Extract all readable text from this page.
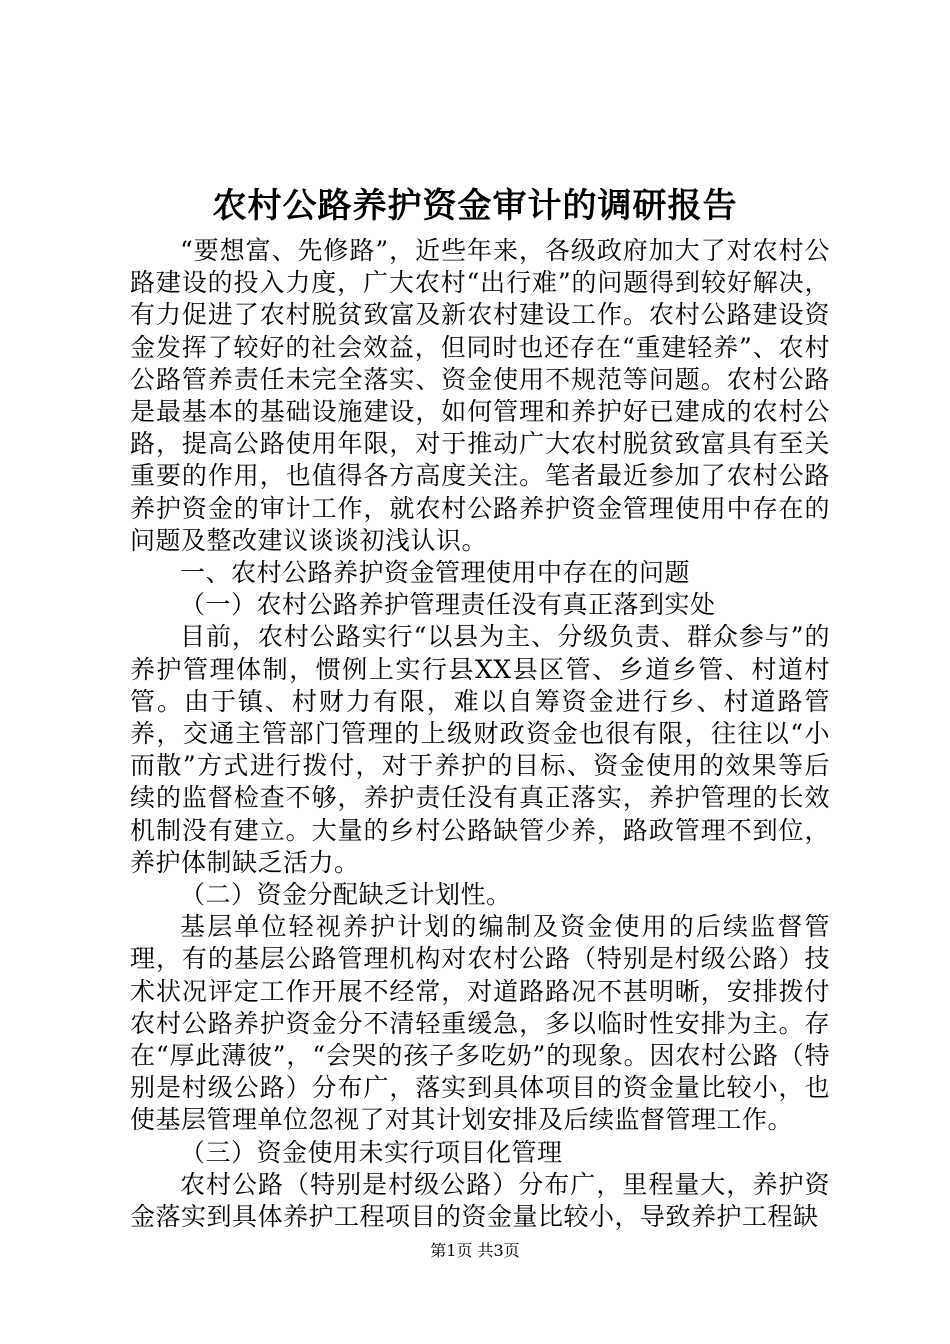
农村公路养护资金审计的调研报告

“要想富、先修路”，近些年来，各级政府加大了对农村公路建设的投入力度，广大农村“出行难”的问题得到较好解决，有力促进了农村脱贫致富及新农村建设工作。农村公路建设资金发挥了较好的社会效益，但同时也还存在“重建轻养”、农村公路管养责任未完全落实、资金使用不规范等问题。农村公路是最基本的基础设施建设，如何管理和养护好已建成的农村公路，提高公路使用年限，对于推动广大农村脱贫致富具有至关重要的作用，也值得各方高度关注。笔者最近参加了农村公路养护资金的审计工作，就农村公路养护资金管理使用中存在的问题及整改建议谈谈初浅认识。

一、农村公路养护资金管理使用中存在的问题

（一）农村公路养护管理责任没有真正落到实处

目前，农村公路实行“以县为主、分级负责、群众参与”的养护管理体制，惯例上实行县XX县区管、乡道乡管、村道村管。由于镇、村财力有限，难以自筹资金进行乡、村道路管养，交通主管部门管理的上级财政资金也很有限，往往以“小而散”方式进行拨付，对于养护的目标、资金使用的效果等后续的监督检查不够，养护责任没有真正落实，养护管理的长效机制没有建立。大量的乡村公路缺管少养，路政管理不到位，养护体制缺乏活力。

（二）资金分配缺乏计划性。

基层单位轻视养护计划的编制及资金使用的后续监督管理，有的基层公路管理机构对农村公路（特别是村级公路）技术状况评定工作开展不经常，对道路路况不甚明晰，安排拨付农村公路养护资金分不清轻重缓急，多以临时性安排为主。存在“厚此薄彼”，“会哭的孩子多吃奶”的现象。因农村公路（特别是村级公路）分布广，落实到具体项目的资金量比较小，也使基层管理单位忽视了对其计划安排及后续监督管理工作。

（三）资金使用未实行项目化管理

农村公路（特别是村级公路）分布广，里程量大，养护资金落实到具体养护工程项目的资金量比较小，导致养护工程缺

第1页 共3页
